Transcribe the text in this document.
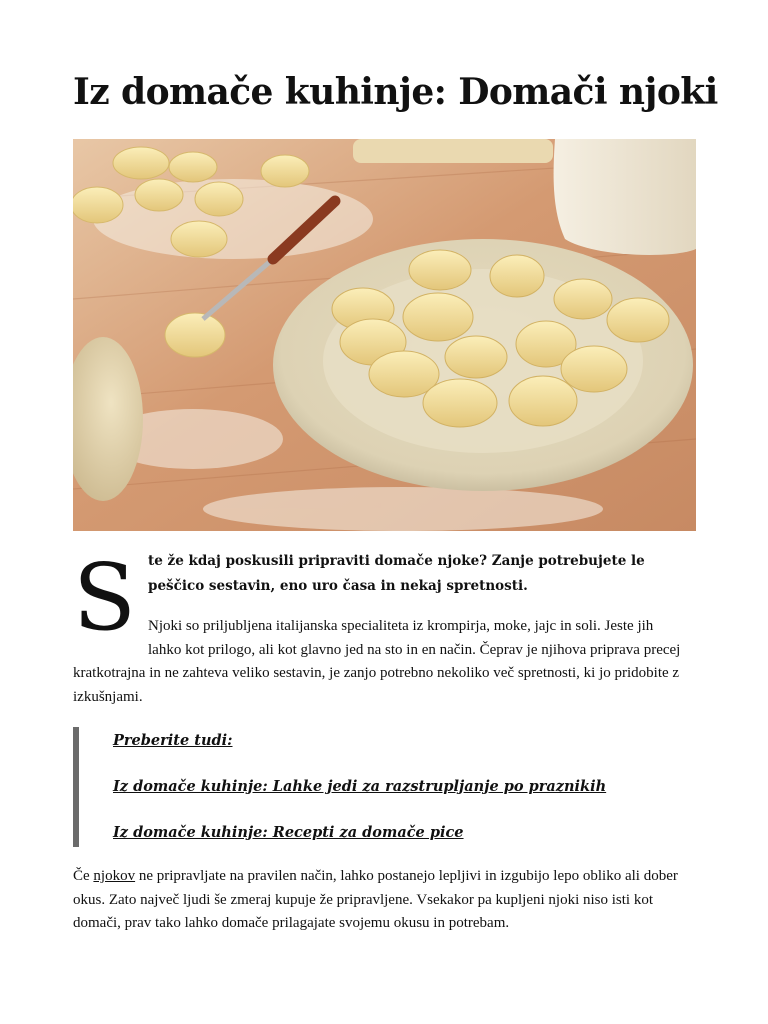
Iz domače kuhinje: Domači njoki
S te že kdaj poskusili pripraviti domače njoke? Zanje potrebujete le peščico sestavin, eno uro časa in nekaj spretnosti.

Njoki so priljubljena italijanska specialiteta iz krompirja, moke, jajc in soli. Jeste jih
lahko kot prilogo, ali kot glavno jed na sto in en način. Čeprav je njihova priprava precej
kratkotrajna in ne zahteva veliko sestavin, je zanjo potrebno nekoliko več spretnosti, ki jo pridobite z
izkušnjami.

Preberite tudi:
Iz domače kuhinje: Lahke jedi za razstrupljanje po praznikih
Iz domače kuhinje: Recepti za domače pice

Če njokov ne pripravljate na pravilen način, lahko postanejo lepljivi in izgubijo lepo obliko ali dober
okus. Zato največ ljudi še zmeraj kupuje že pripravljene. Vsekakor pa kupljeni njoki niso isti kot
domači, prav tako lahko domače prilagajate svojemu okusu in potrebam.
